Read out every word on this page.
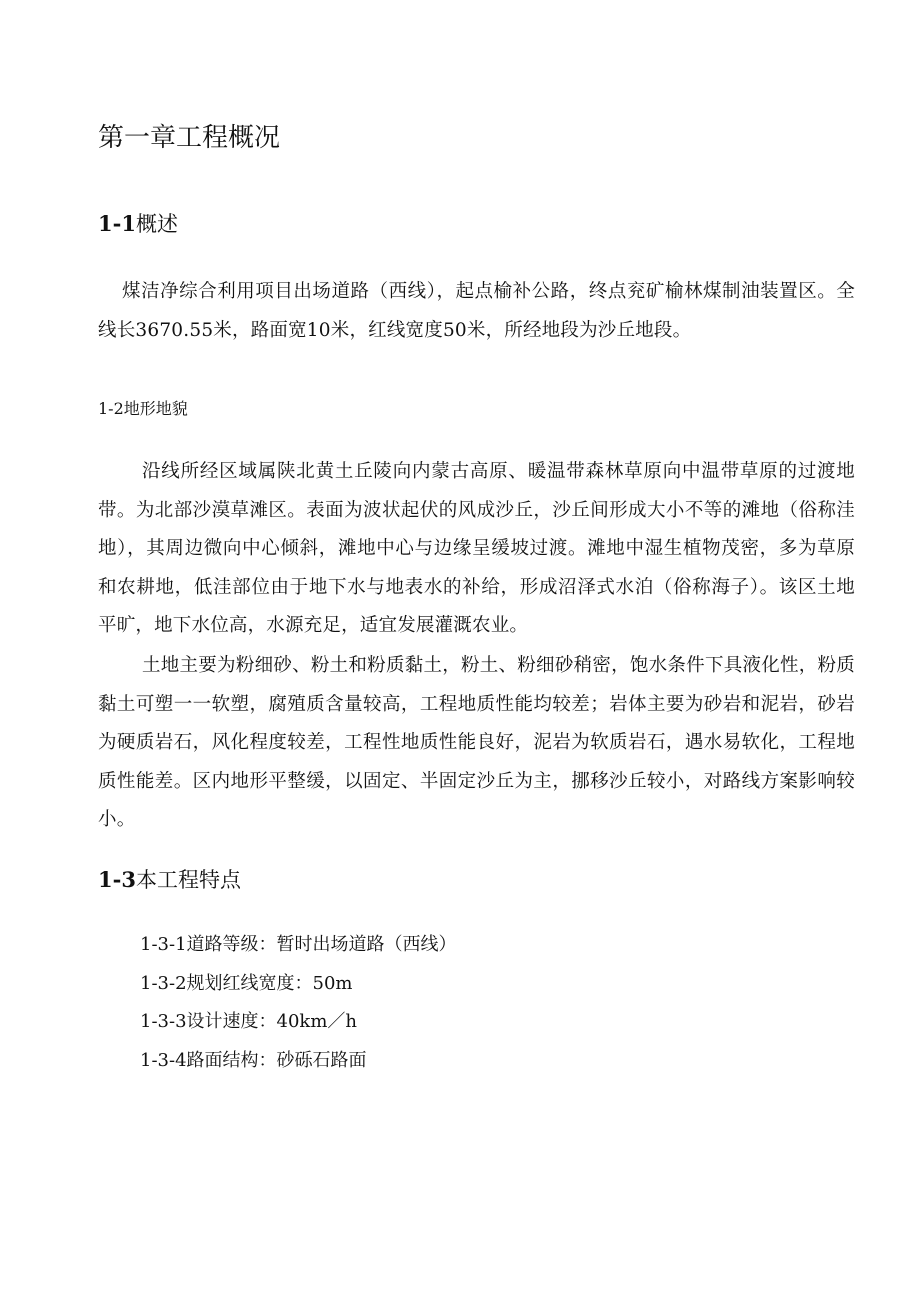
第一章工程概况
1-1概述

煤洁净综合利用项目出场道路（西线），起点榆补公路，终点兖矿榆林煤制油装置区。全线长3670.55米，路面宽10米，红线宽度50米，所经地段为沙丘地段。

1-2地形地貌

沿线所经区域属陕北黄土丘陵向内蒙古高原、暖温带森林草原向中温带草原的过渡地带。为北部沙漠草滩区。表面为波状起伏的风成沙丘，沙丘间形成大小不等的滩地（俗称洼地），其周边微向中心倾斜，滩地中心与边缘呈缓坡过渡。滩地中湿生植物茂密，多为草原和农耕地，低洼部位由于地下水与地表水的补给，形成沼泽式水泊（俗称海子）。该区土地平旷，地下水位高，水源充足，适宜发展灌溉农业。

土地主要为粉细砂、粉土和粉质黏土，粉土、粉细砂稍密，饱水条件下具液化性，粉质黏土可塑一一软塑，腐殖质含量较高，工程地质性能均较差；岩体主要为砂岩和泥岩，砂岩为硬质岩石，风化程度较差，工程性地质性能良好，泥岩为软质岩石，遇水易软化，工程地质性能差。区内地形平整缓，以固定、半固定沙丘为主，挪移沙丘较小，对路线方案影响较小。

1-3本工程特点
1-3-1道路等级：暂时出场道路（西线）
1-3-2规划红线宽度：50m
1-3-3设计速度：40km／h
1-3-4路面结构：砂砾石路面
